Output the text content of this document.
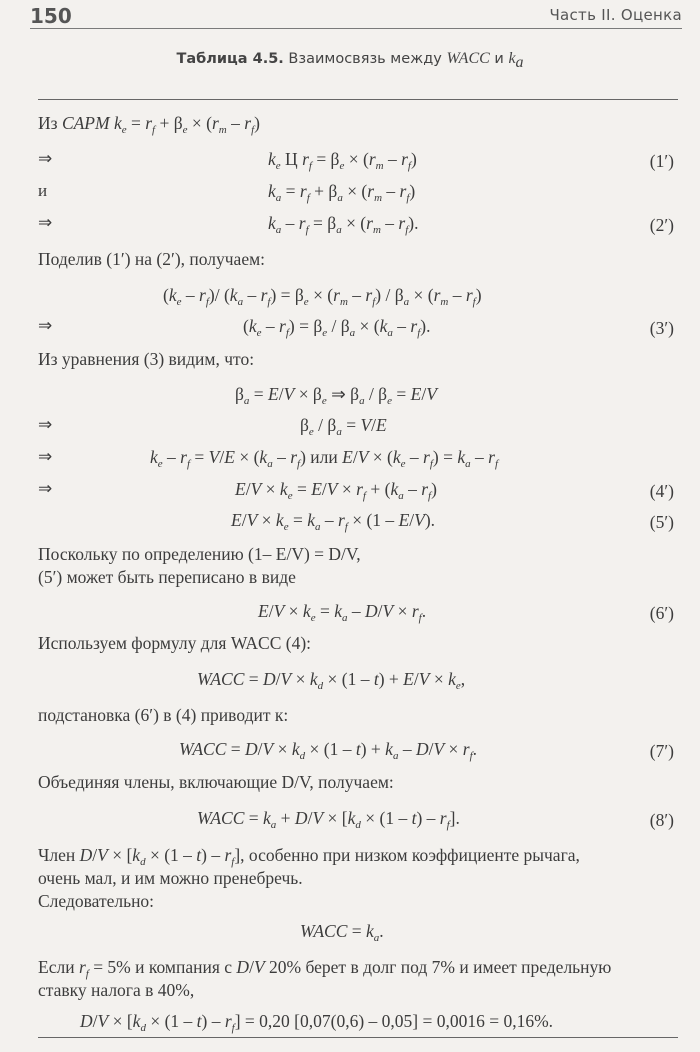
150	Часть II. Оценка
Таблица 4.5. Взаимосвязь между WACC и $k_a$
Из CAPM $k_e = r_f + \beta_e \times (r_m - r_f)$
⇒	$k_e$ Ц $r_f = \beta_e \times (r_m - r_f)$	(1′)
и	$k_a = r_f + \beta_a \times (r_m - r_f)$
⇒	$k_a - r_f = \beta_a \times (r_m - r_f)$.	(2′)
Поделив (1′) на (2′), получаем:
$(k_e - r_f)/$ $(k_a - r_f) = \beta_e \times (r_m - r_f) / \beta_a \times (r_m - r_f)$
⇒	$(k_e - r_f) = \beta_e / \beta_a \times (k_a - r_f)$.	(3′)
Из уравнения (3) видим, что:
$\beta_a = E/V \times \beta_e$ ⇒ $\beta_a / \beta_e = E/V$
⇒	$\beta_e / \beta_a = V/E$
⇒	$k_e - r_f = V/E \times (k_a - r_f)$ или $E/V \times (k_e - r_f) = k_a - r_f$
⇒	$E/V \times k_e = E/V \times r_f + (k_a - r_f)$	(4′)
$E/V \times k_e = k_a - r_f \times (1 - E/V)$.	(5′)
Поскольку по определению (1– E/V) = D/V,
(5′) может быть переписано в виде
$E/V \times k_e = k_a - D/V \times r_f$.	(6′)
Используем формулу для WACC (4):
WACC = $D/V \times k_d \times (1 - t) + E/V \times k_e$,
подстановка (6′) в (4) приводит к:
WACC = $D/V \times k_d \times (1 - t) + k_a - D/V \times r_f$.	(7′)
Объединяя члены, включающие D/V, получаем:
WACC = $k_a + D/V \times [k_d \times (1 - t) - r_f]$.	(8′)
Член $D/V \times [k_d \times (1 - t) - r_f]$, особенно при низком коэффициенте рычага,
очень мал, и им можно пренебречь.
Следовательно:
WACC = $k_a$.
Если $r_f = 5\%$ и компания с D/V 20% берет в долг под 7% и имеет предельную
ставку налога в 40%,
$D/V \times [k_d \times (1 - t) - r_f] = 0,20$ [0,07(0,6) – 0,05] = 0,0016 = 0,16%.
